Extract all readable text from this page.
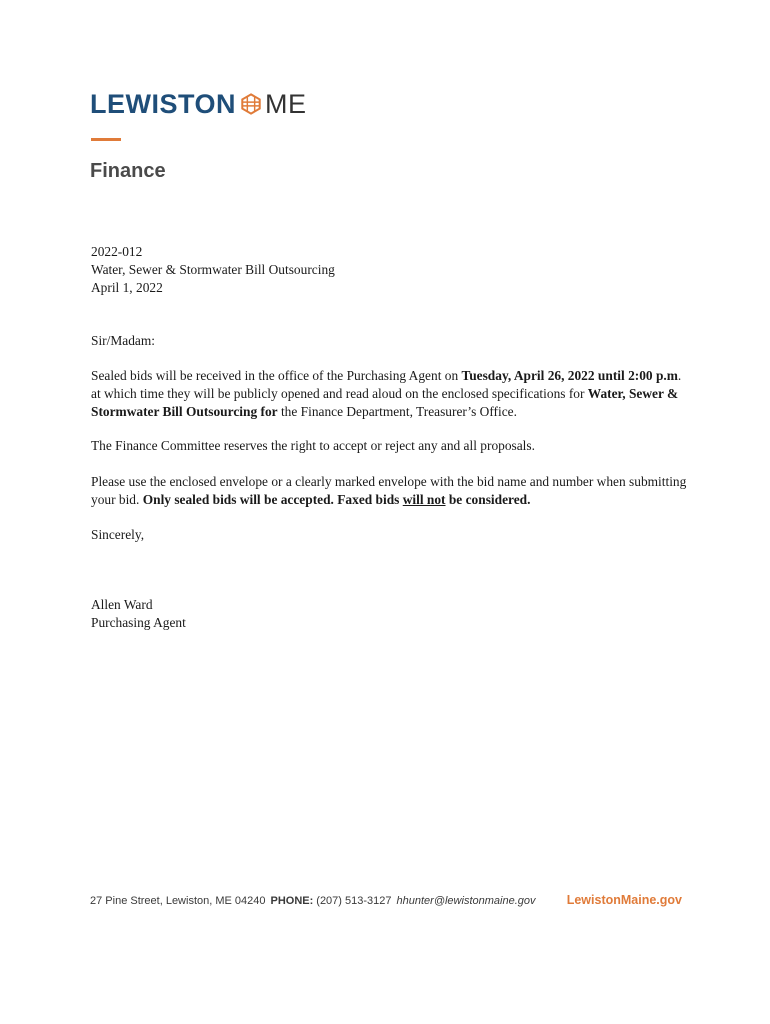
LEWISTON ME
Finance
2022-012
Water, Sewer & Stormwater Bill Outsourcing
April 1, 2022

Sir/Madam:

Sealed bids will be received in the office of the Purchasing Agent on Tuesday, April 26, 2022 until 2:00 p.m. at which time they will be publicly opened and read aloud on the enclosed specifications for Water, Sewer & Stormwater Bill Outsourcing for the Finance Department, Treasurer’s Office.

The Finance Committee reserves the right to accept or reject any and all proposals.

Please use the enclosed envelope or a clearly marked envelope with the bid name and number when submitting your bid. Only sealed bids will be accepted. Faxed bids will not be considered.

Sincerely,

Allen Ward
Purchasing Agent
27 Pine Street, Lewiston, ME 04240 PHONE: (207) 513-3127 hhunter@lewistonmaine.gov LewistonMaine.gov
